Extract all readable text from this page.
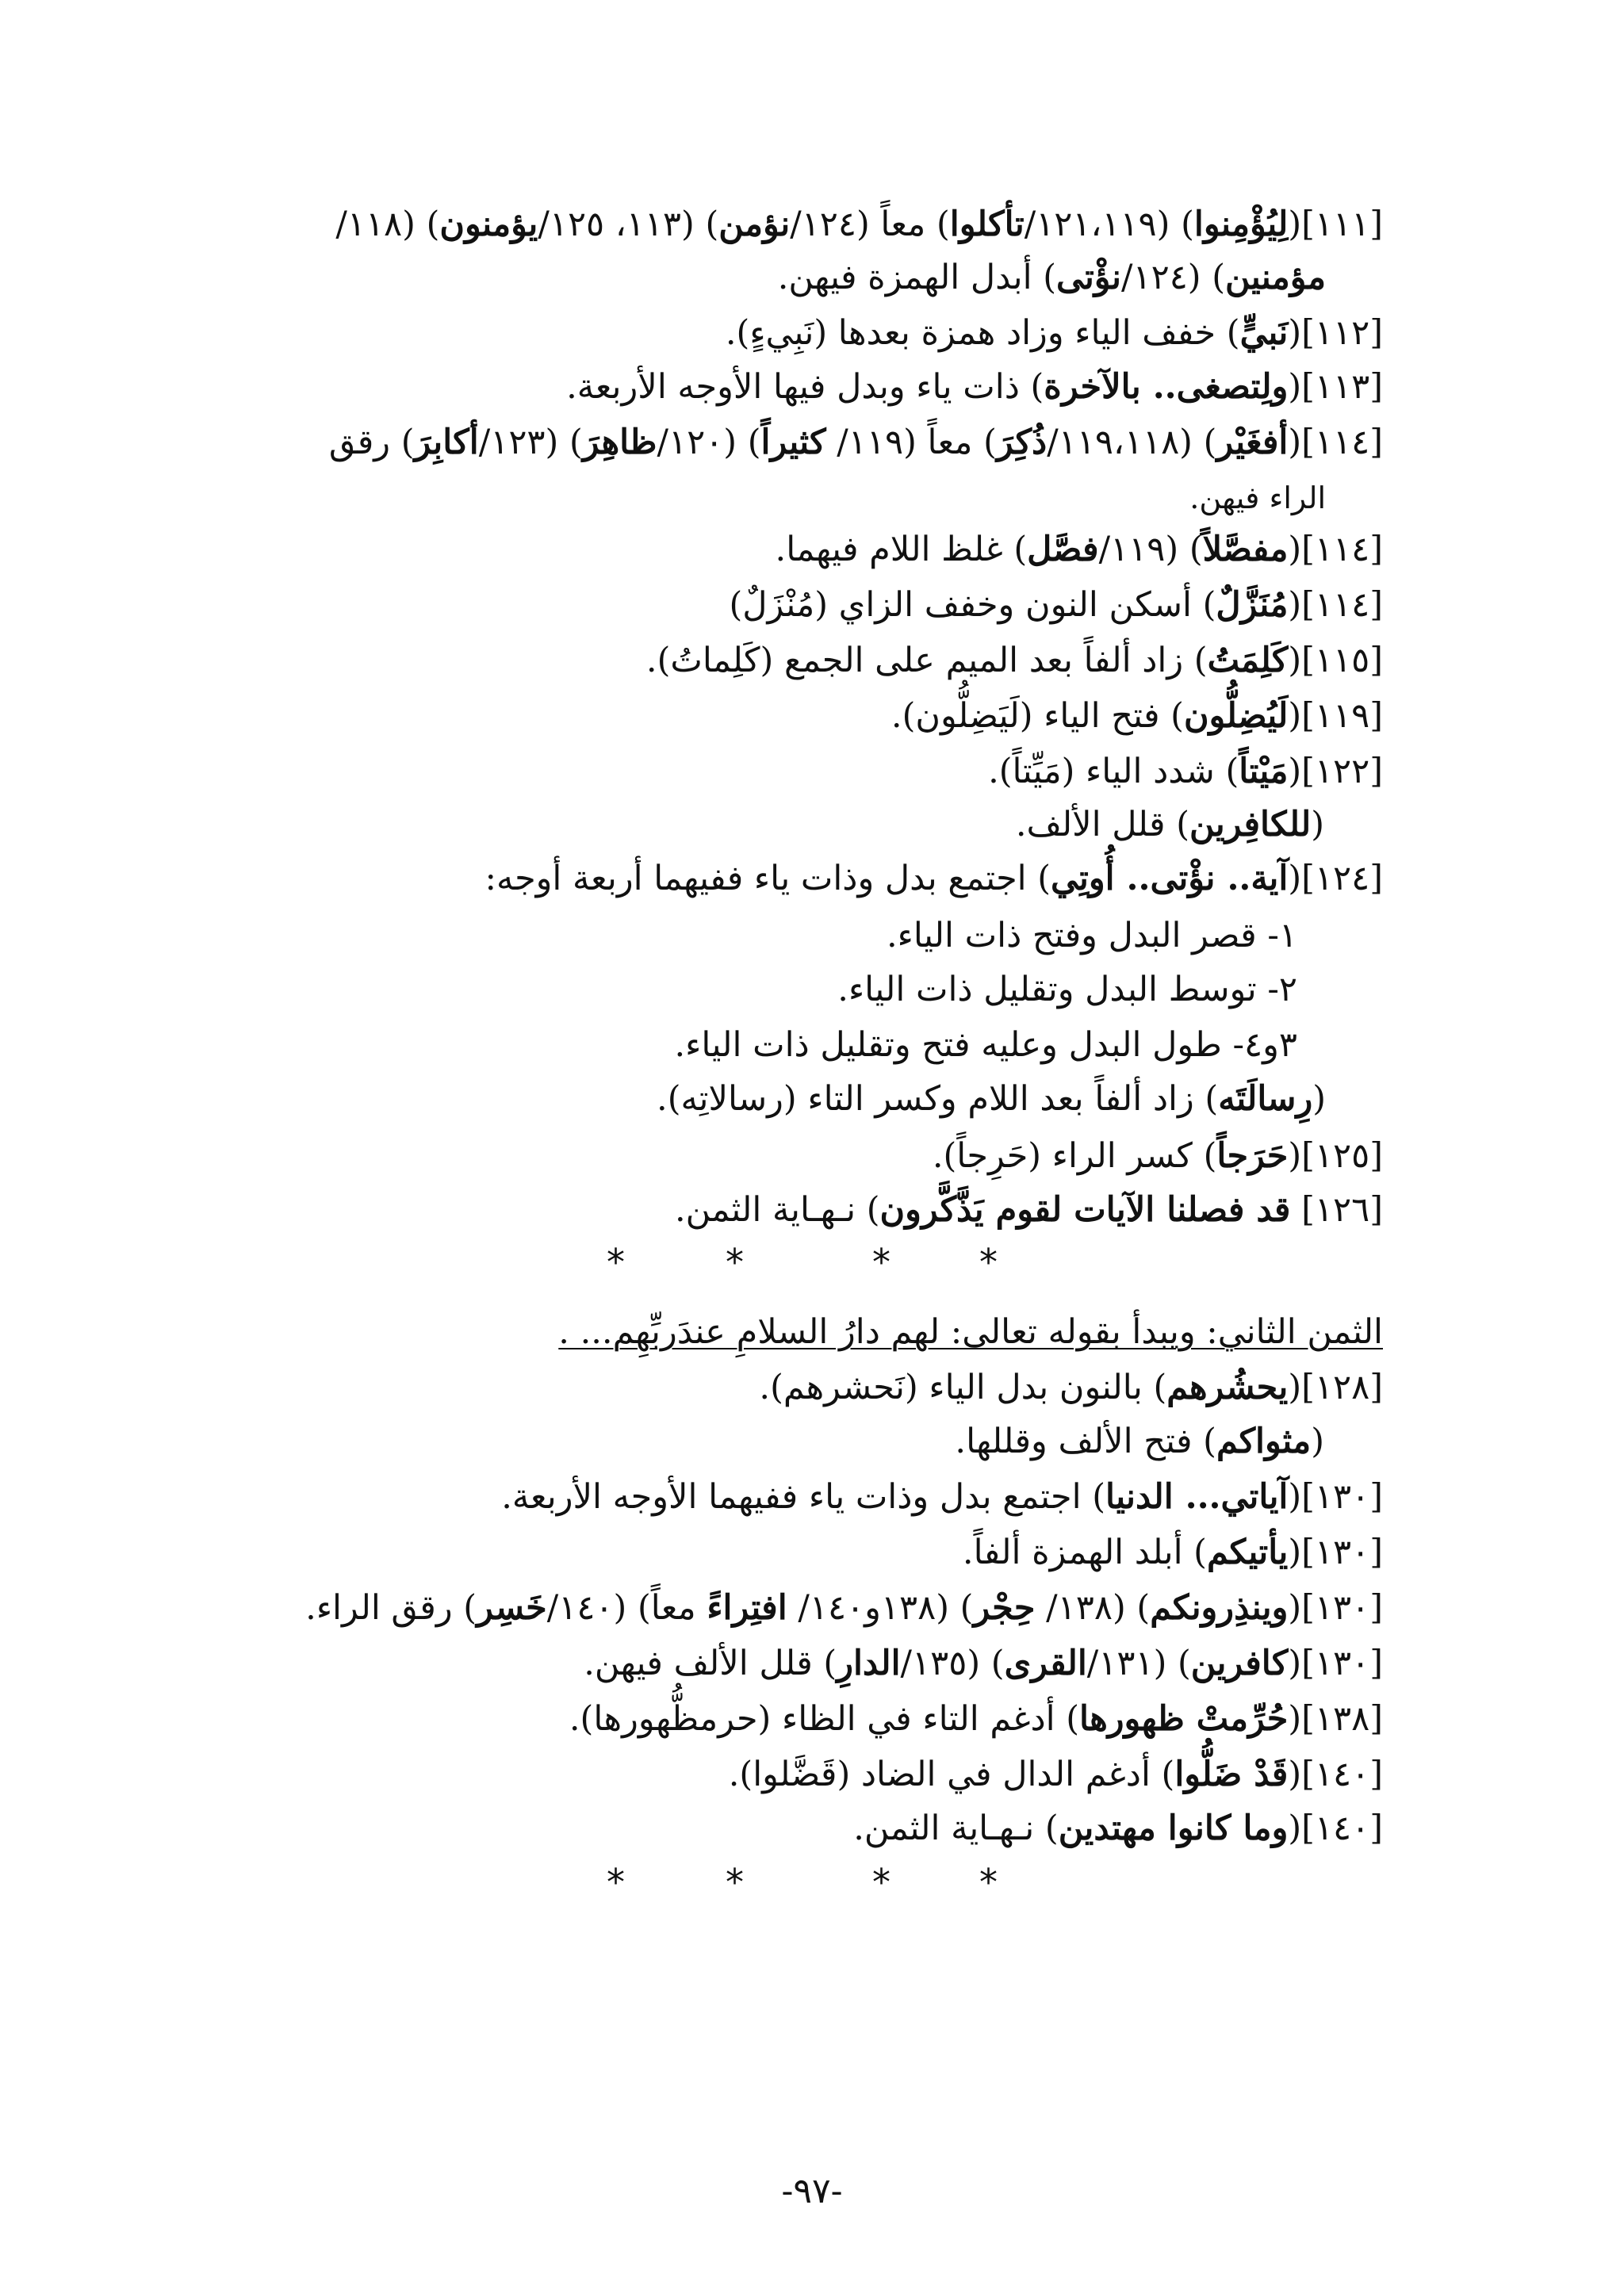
[١١١](لِيُؤْمِنوا) (١٢١،١١٩/تأكلوا) معاً (١٢٤/نؤمن) (١١٣، ١٢٥/يؤمنون) (١١٨/
مؤمنين) (١٢٤/نؤْتى) أبدل الهمزة فيهن.
[١١٢](نَبيٍّ) خفف الياء وزاد همزة بعدها (نَبِيءٍ).
[١١٣](ولِتصغى.. بالآخرة) ذات ياء وبدل فيها الأوجه الأربعة.
[١١٤](أفغَيْر) (١١٩،١١٨/ذُكِرَ) معاً (١١٩/ كثيراً) (١٢٠/ظاهِرَ) (١٢٣/أكابِرَ) رقق
الراء فيهن.
[١١٤](مفصَّلاً) (١١٩/فصَّل) غلظ اللام فيهما.
[١١٤](مُنَزَّلٌ) أسكن النون وخفف الزاي (مُنْزَلٌ)
[١١٥](كَلِمَتُ) زاد ألفاً بعد الميم على الجمع (كَلِماتُ).
[١١٩](لَيُضِلُّون) فتح الياء (لَيَضِلُّون).
[١٢٢](مَيْتاً) شدد الياء (مَيِّتاً).
(للكافِرين) قلل الألف.
[١٢٤](آية.. نؤْتى.. أُوتِي) اجتمع بدل وذات ياء ففيهما أربعة أوجه:
١- قصر البدل وفتح ذات الياء.
٢- توسط البدل وتقليل ذات الياء.
٣و٤- طول البدل وعليه فتح وتقليل ذات الياء.
(رِسالَتَه) زاد ألفاً بعد اللام وكسر التاء (رسالاتِه).
[١٢٥](حَرَجاً) كسر الراء (حَرِجاً).
[١٢٦] قد فصلنا الآيات لقوم يَذَّكَّرون) نـهـاية الثمن.
*	*	* *
الثمن الثاني: ويبدأ بقوله تعالى: لهم دارُ السلامِ عندَربِّهِم... .
[١٢٨](يحشُرهم) بالنون بدل الياء (نَحشرهم).
(مثواكم) فتح الألف وقللها.
[١٣٠](آياتي... الدنيا) اجتمع بدل وذات ياء ففيهما الأوجه الأربعة.
[١٣٠](يأتيكم) أبلد الهمزة ألفاً.
[١٣٠](وينذِرونكم) (١٣٨/ حِجْر) (١٣٨و١٤٠/ افتِراءً معاً) (١٤٠/خَسِر) رقق الراء.
[١٣٠](كافرين) (١٣١/القرى) (١٣٥/الدارِ) قلل الألف فيهن.
[١٣٨](حُرِّمتْ ظهورها) أدغم التاء في الظاء (حرمظُّهورها).
[١٤٠](قَدْ ضَلُّوا) أدغم الدال في الضاد (قَضَّلوا).
[١٤٠](وما كانوا مهتدين) نـهـاية الثمن.
*	*	* *
-٩٧-
